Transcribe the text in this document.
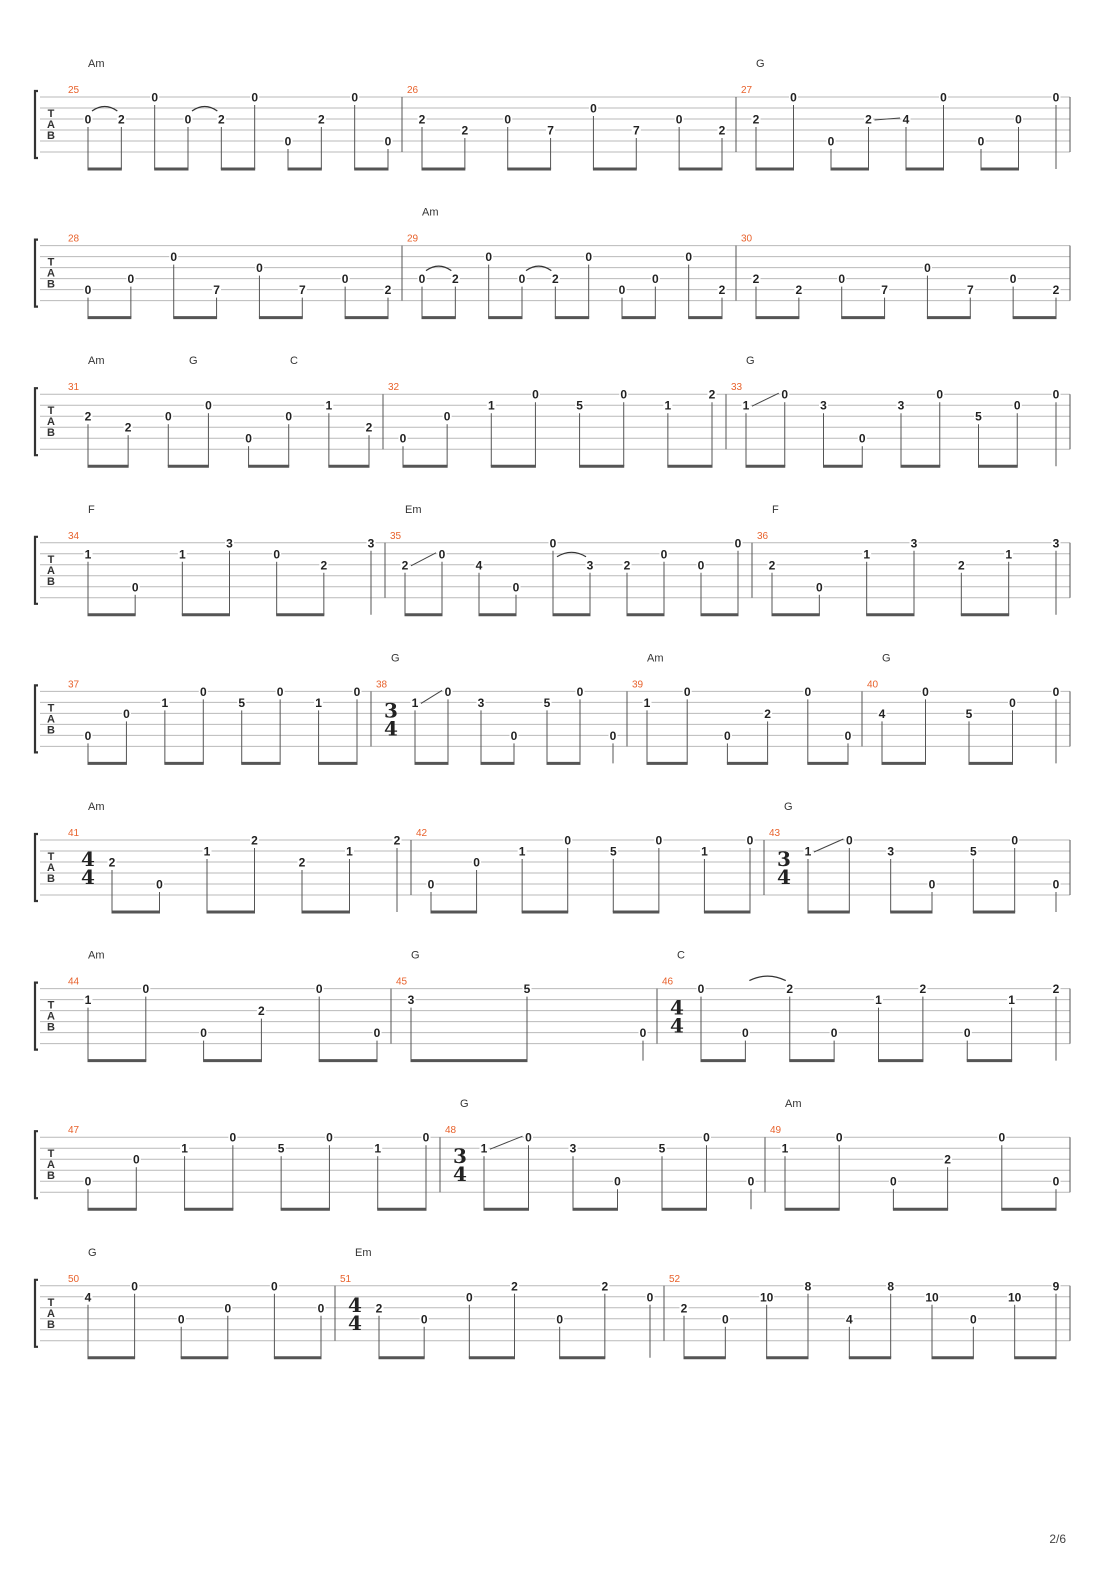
T
A
B
25
Am
0 2
0
0 2
0
0
2
0
0
26
2
2
0
7
0
7
0
2
27
G
2
0
0
2	4
0
0
0
0
T
A
B
28
0
0
0
7
0
7
0
2
29
Am
0 2
0
0 2
0
0
0
0
2
30
2
2
0
7
0
7
0
2
T
A
B
31
Am	G	C
2
2
0
0
0
0
1
2
32
0
0
1
0
5
0
1
2 33
G
1
0
3
0
3
0
5
0
0
T
A
B
34
F
1
0
1
3
0
2
3 35
Em
2
0
4
0
0
3	2
0
0
0 36
F
2
0
1
3
2
1
3
T
A
B
37
0
0
1
0
5
0
1
0 38
3
4
G
1
0
3
0
5
0
0
39
Am
1
0
0
2
0
0
40
G
4
0
5
0
0
T
A
B
41
4
4
Am
2
0
1
2
2
1
2 42
0
0
1
0
5
0
1
0 43
3
4
G
1
0
3
0
5
0
0
T
A
B
44
Am
1
0
0
2
0
0
45
G
3
5
0
46
4
4
C
0
0
2
0
1
2
0
1
2
T
A
B
47
0
0
1
0
5
0
1
0 48
3
4
G
1
0
3
0
5
0
0
49
Am
1
0
0
2
0
0
T
A
B
50
G
4
0
0
0
0
0
51
4
4
Em
2
0
0
2
0
2
0
52
2
0
10
8
4
8
10
0
10
9
2/6
